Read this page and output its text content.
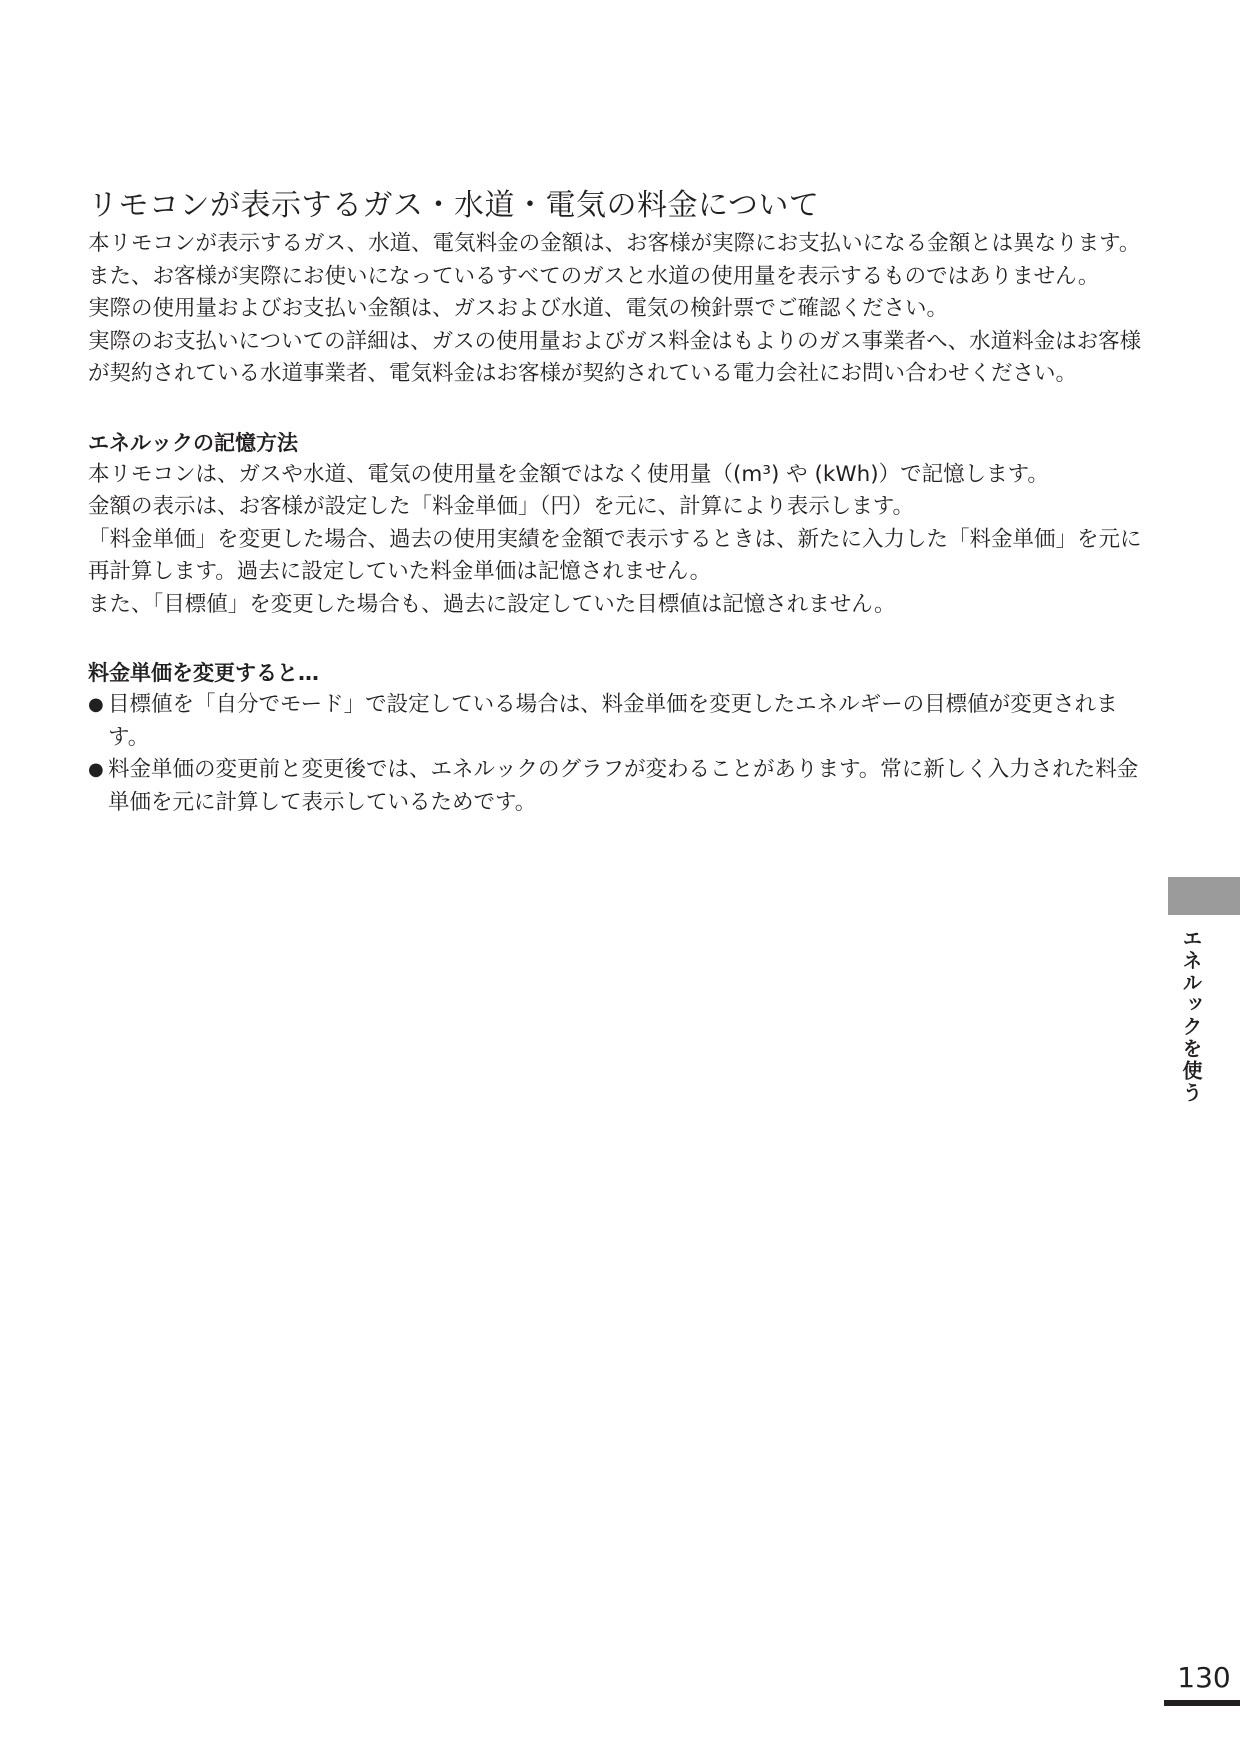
リモコンが表示するガス・水道・電気の料金について

本リモコンが表示するガス、水道、電気料金の金額は、お客様が実際にお支払いになる金額とは異なります。また、お客様が実際にお使いになっているすべてのガスと水道の使用量を表示するものではありません。

実際の使用量およびお支払い金額は、ガスおよび水道、電気の検針票でご確認ください。

実際のお支払いについての詳細は、ガスの使用量およびガス料金はもよりのガス事業者へ、水道料金はお客様が契約されている水道事業者、電気料金はお客様が契約されている電力会社にお問い合わせください。

エネルックの記憶方法

本リモコンは、ガスや水道、電気の使用量を金額ではなく使用量（(m³) や (kWh)）で記憶します。

金額の表示は、お客様が設定した「料金単価」（円）を元に、計算により表示します。

「料金単価」を変更した場合、過去の使用実績を金額で表示するときは、新たに入力した「料金単価」を元に再計算します。過去に設定していた料金単価は記憶されません。

また、「目標値」を変更した場合も、過去に設定していた目標値は記憶されません。

料金単価を変更すると…
● 目標値を「自分でモード」で設定している場合は、料金単価を変更したエネルギーの目標値が変更されます。
● 料金単価の変更前と変更後では、エネルックのグラフが変わることがあります。常に新しく入力された料金単価を元に計算して表示しているためです。
エネルックを使う
130
